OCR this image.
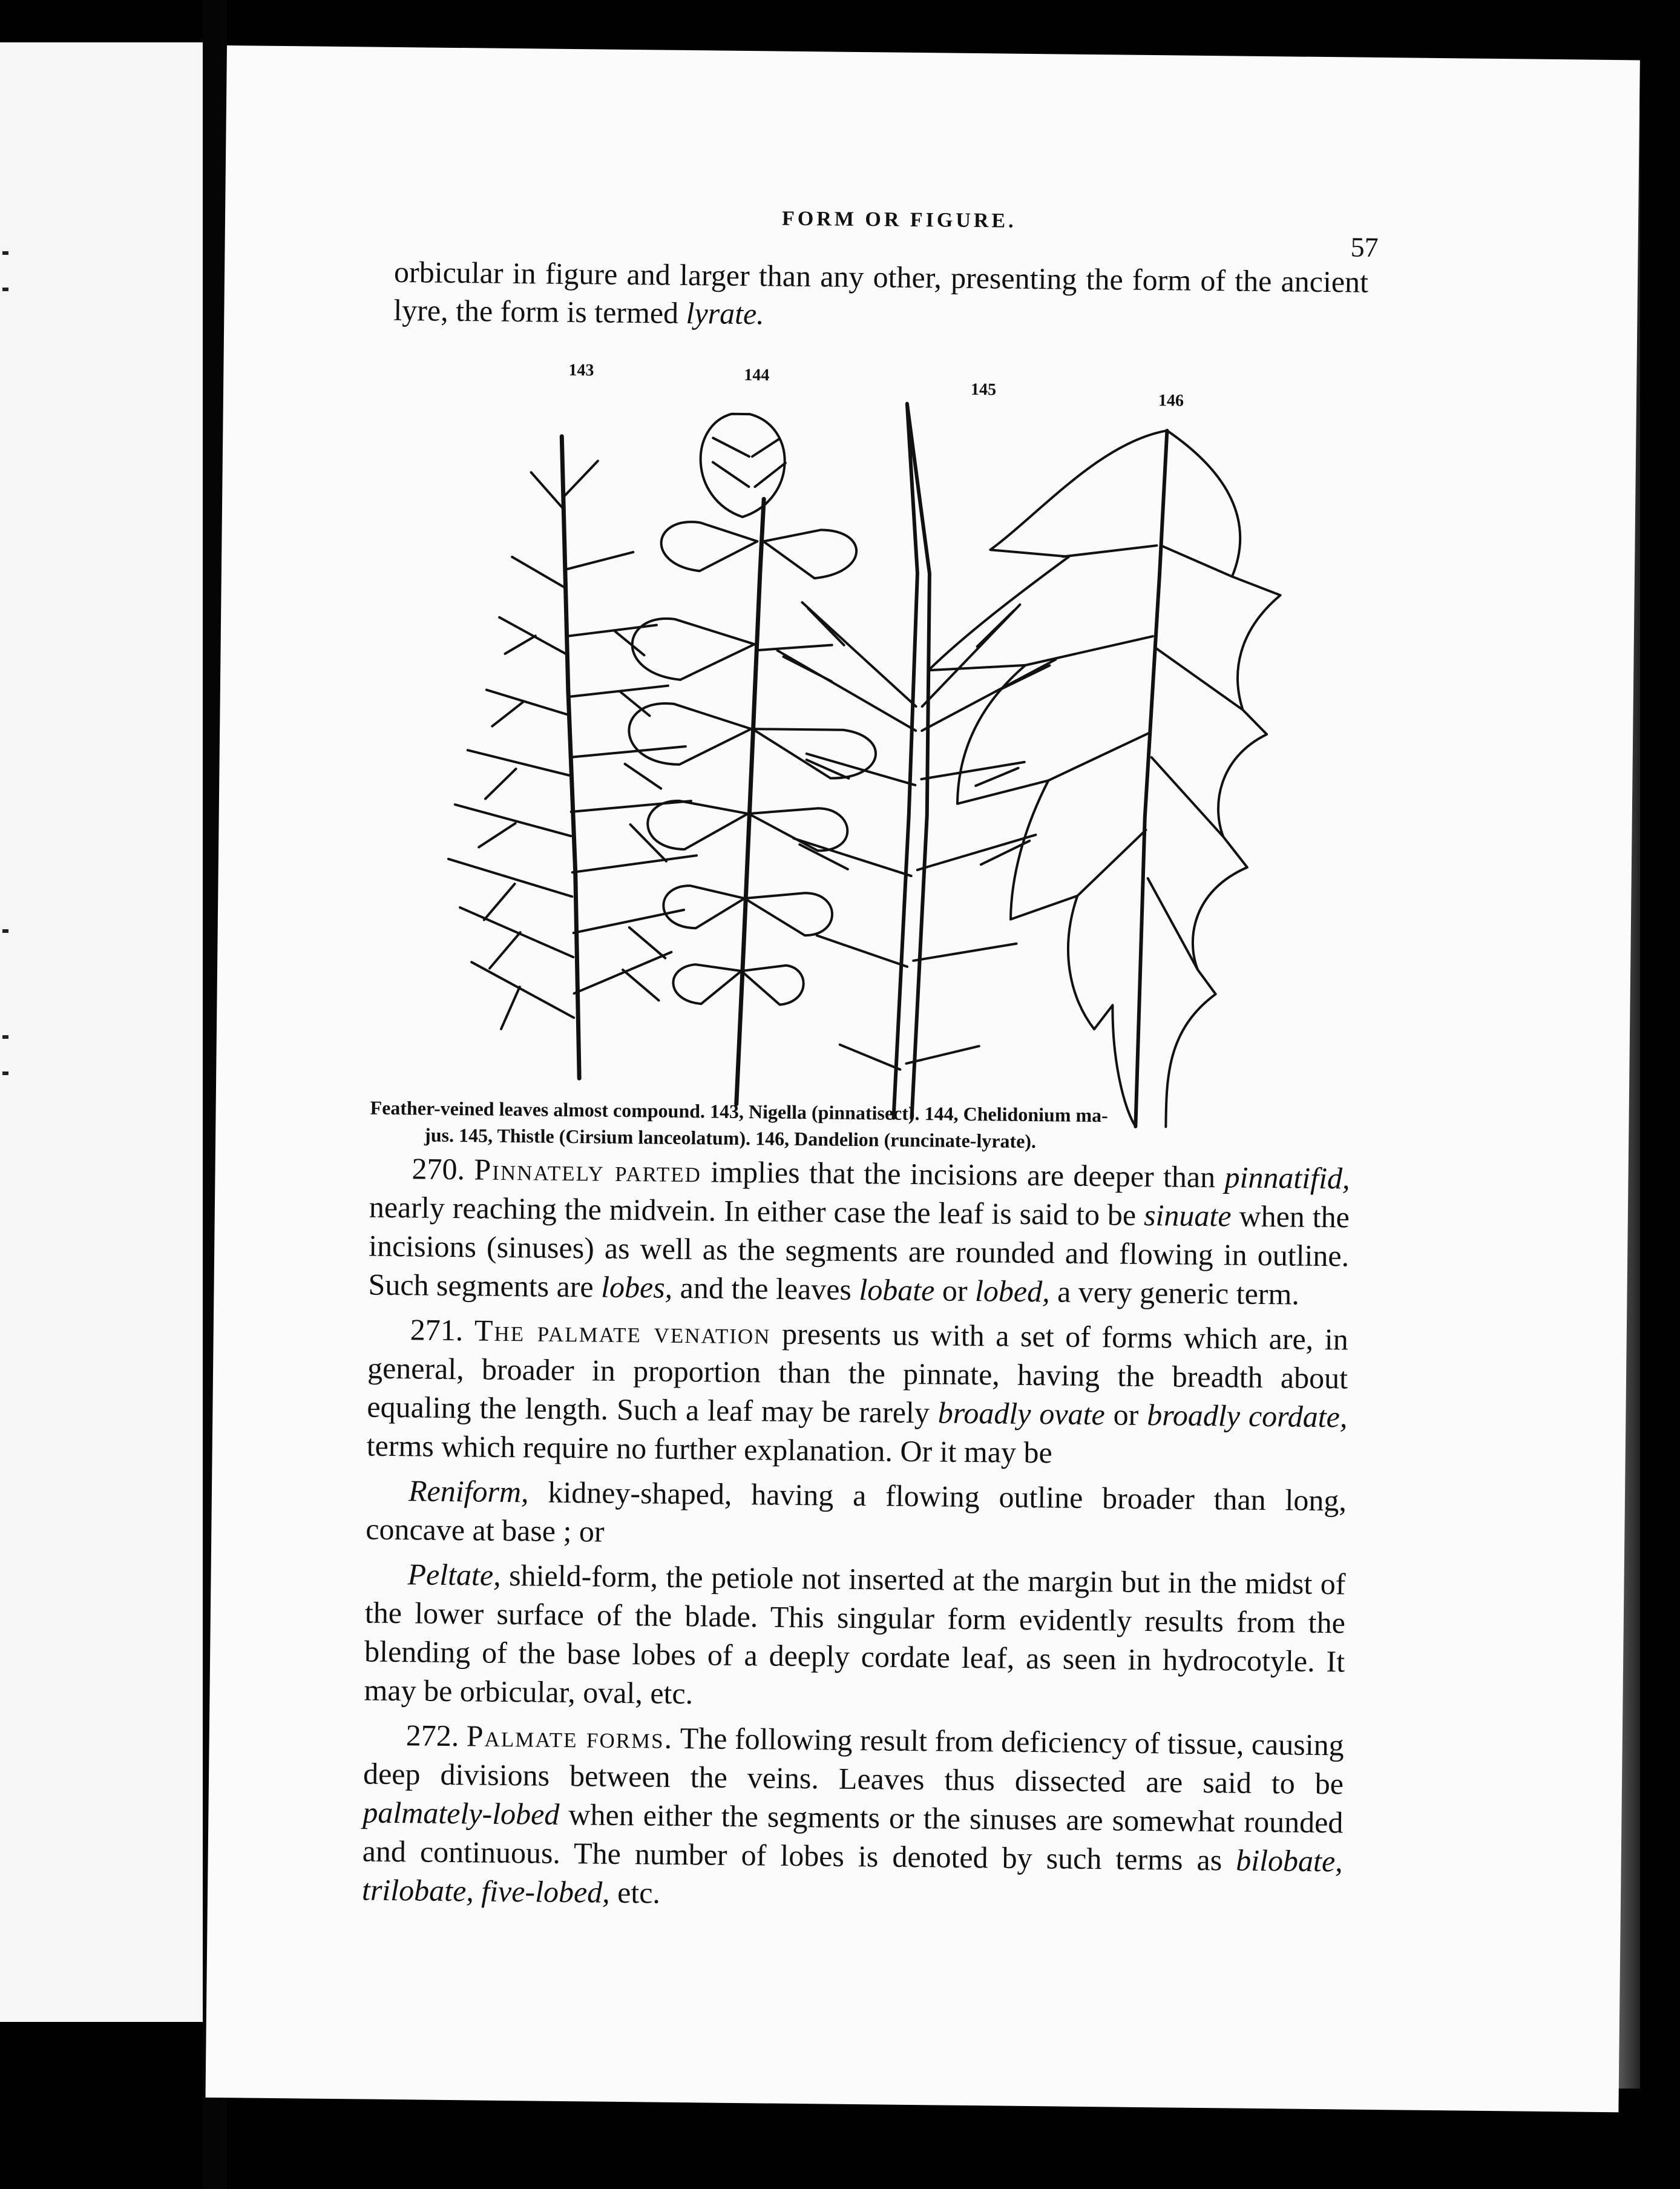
FORM OR FIGURE.
57
orbicular in figure and larger than any other, presenting the form of the ancient lyre, the form is termed lyrate.
143	144
145
146
Feather-veined leaves almost compound. 143, Nigella (pinnatisect). 144, Chelidonium ma-
jus. 145, Thistle (Cirsium lanceolatum). 146, Dandelion (runcinate-lyrate).

270. Pinnately parted implies that the incisions are deeper than pinnatifid, nearly reaching the midvein. In either case the leaf is said to be sinuate when the incisions (sinuses) as well as the segments are rounded and flowing in outline. Such segments are lobes, and the leaves lobate or lobed, a very generic term.

271. The palmate venation presents us with a set of forms which are, in general, broader in proportion than the pinnate, having the breadth about equaling the length. Such a leaf may be rarely broadly ovate or broadly cordate, terms which require no further explanation. Or it may be

Reniform, kidney-shaped, having a flowing outline broader than long, concave at base ; or

Peltate, shield-form, the petiole not inserted at the margin but in the midst of the lower surface of the blade. This singular form evidently results from the blending of the base lobes of a deeply cordate leaf, as seen in hydrocotyle. It may be orbicular, oval, etc.

272. Palmate forms. The following result from deficiency of tissue, causing deep divisions between the veins. Leaves thus dissected are said to be palmately-lobed when either the segments or the sinuses are somewhat rounded and continuous. The number of lobes is denoted by such terms as bilobate, trilobate, five-lobed, etc.
